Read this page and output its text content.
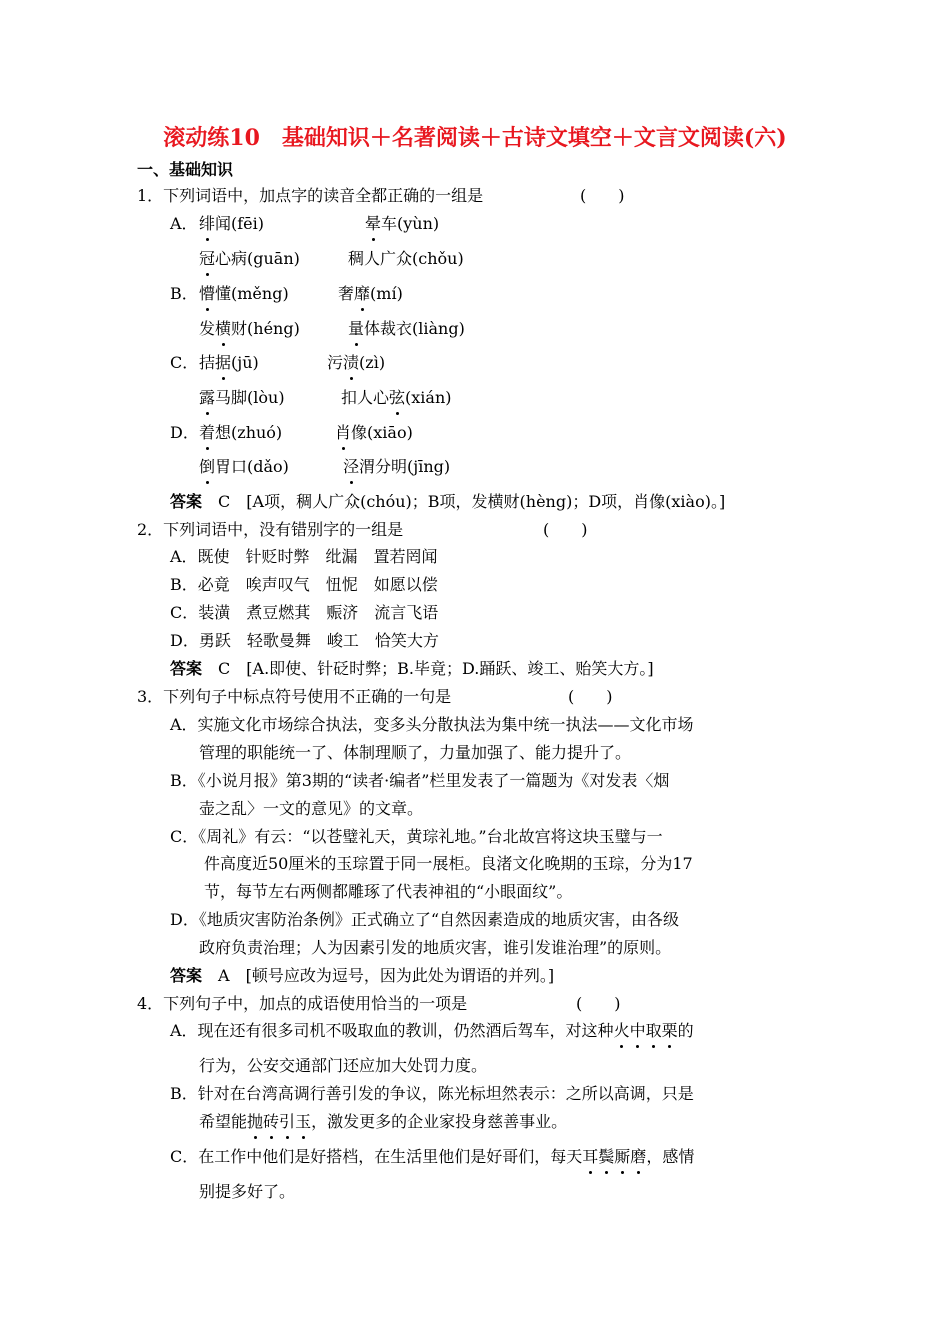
滚动练10　基础知识＋名著阅读＋古诗文填空＋文言文阅读(六)
一、基础知识
1．下列词语中，加点字的读音全都正确的一组是	(　　)
A． 绯闻(fēi)	晕车(yùn)
冠心病(guān)	稠人广众(chǒu)
B． 懵懂(měng)	奢靡(mí)
发横财(héng)	量体裁衣(liàng)
C． 拮据(jū)	污渍(zì)
露马脚(lòu)	扣人心弦(xián)
D． 着想(zhuó)	肖像(xiāo)
倒胃口(dǎo)	泾渭分明(jīng)
答案　 C　[A项，稠人广众(chóu)；B项，发横财(hèng)；D项，肖像(xiào)。]
2．下列词语中，没有错别字的一组是	(　　)
A．既使　针贬时弊　纰漏　置若罔闻
B．必竟　唉声叹气　忸怩　如愿以偿
C．装潢　煮豆燃萁　赈济　流言飞语
D．勇跃　轻歌曼舞　峻工　恰笑大方
答案　 C　[A.即使、针砭时弊；B.毕竟；D.踊跃、竣工、贻笑大方。]
3．下列句子中标点符号使用不正确的一句是	(　　)
A．实施文化市场综合执法，变多头分散执法为集中统一执法——文化市场
管理的职能统一了、体制理顺了，力量加强了、能力提升了。
B．《小说月报》第3期的“读者·编者”栏里发表了一篇题为《对发表〈烟
壶之乱〉一文的意见》的文章。
C．《周礼》有云：“以苍璧礼天，黄琮礼地。”台北故宫将这块玉璧与一
件高度近50厘米的玉琮置于同一展柜。良渚文化晚期的玉琮，分为17
节，每节左右两侧都雕琢了代表神祖的“小眼面纹”。
D．《地质灾害防治条例》正式确立了“自然因素造成的地质灾害，由各级
政府负责治理；人为因素引发的地质灾害，谁引发谁治理”的原则。
答案　 A　[顿号应改为逗号，因为此处为谓语的并列。]
4．下列句子中，加点的成语使用恰当的一项是	(　　)
A．现在还有很多司机不吸取血的教训，仍然酒后驾车，对这种火中取栗的
行为，公安交通部门还应加大处罚力度。
B．针对在台湾高调行善引发的争议，陈光标坦然表示：之所以高调，只是
希望能抛砖引玉，激发更多的企业家投身慈善事业。
C．在工作中他们是好搭档，在生活里他们是好哥们，每天耳鬓厮磨，感情
别提多好了。
